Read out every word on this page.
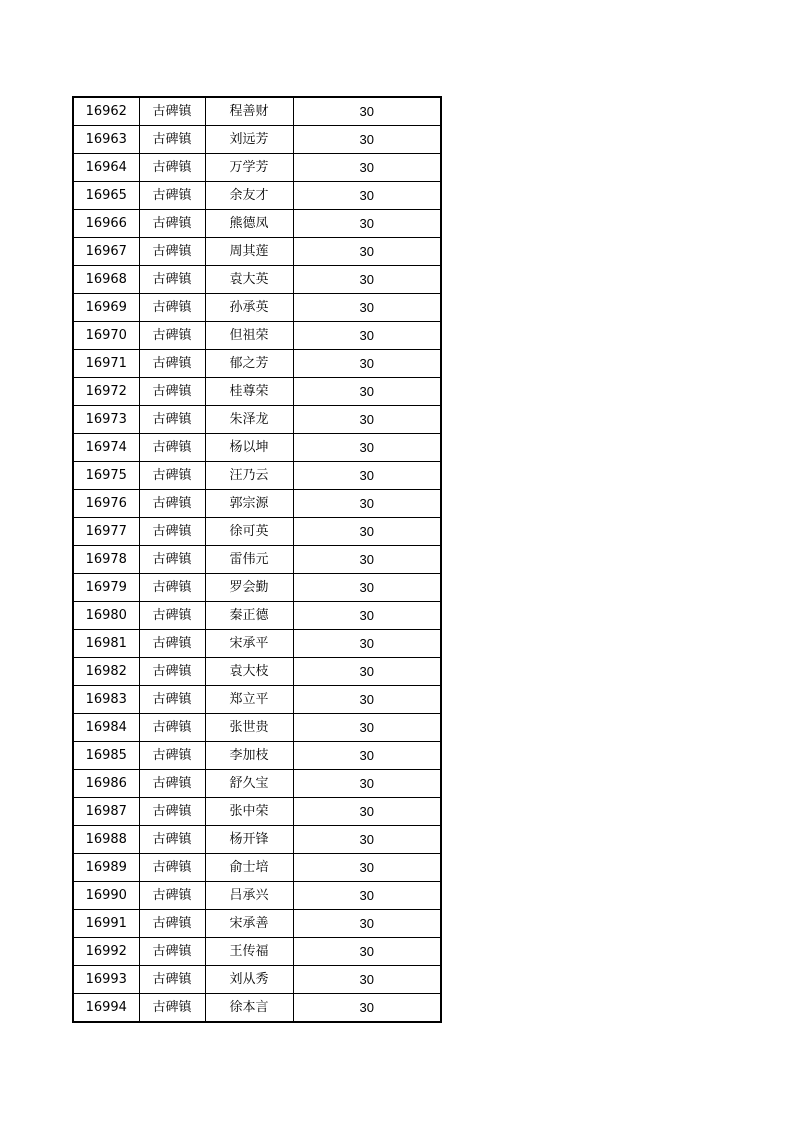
16962	古碑镇	程善财	30
16963	古碑镇	刘远芳	30
16964	古碑镇	万学芳	30
16965	古碑镇	余友才	30
16966	古碑镇	熊德凤	30
16967	古碑镇	周其莲	30
16968	古碑镇	袁大英	30
16969	古碑镇	孙承英	30
16970	古碑镇	但祖荣	30
16971	古碑镇	郁之芳	30
16972	古碑镇	桂尊荣	30
16973	古碑镇	朱泽龙	30
16974	古碑镇	杨以坤	30
16975	古碑镇	汪乃云	30
16976	古碑镇	郭宗源	30
16977	古碑镇	徐可英	30
16978	古碑镇	雷伟元	30
16979	古碑镇	罗会勤	30
16980	古碑镇	秦正德	30
16981	古碑镇	宋承平	30
16982	古碑镇	袁大枝	30
16983	古碑镇	郑立平	30
16984	古碑镇	张世贵	30
16985	古碑镇	李加枝	30
16986	古碑镇	舒久宝	30
16987	古碑镇	张中荣	30
16988	古碑镇	杨开锋	30
16989	古碑镇	俞士培	30
16990	古碑镇	吕承兴	30
16991	古碑镇	宋承善	30
16992	古碑镇	王传福	30
16993	古碑镇	刘从秀	30
16994	古碑镇	徐本言	30
